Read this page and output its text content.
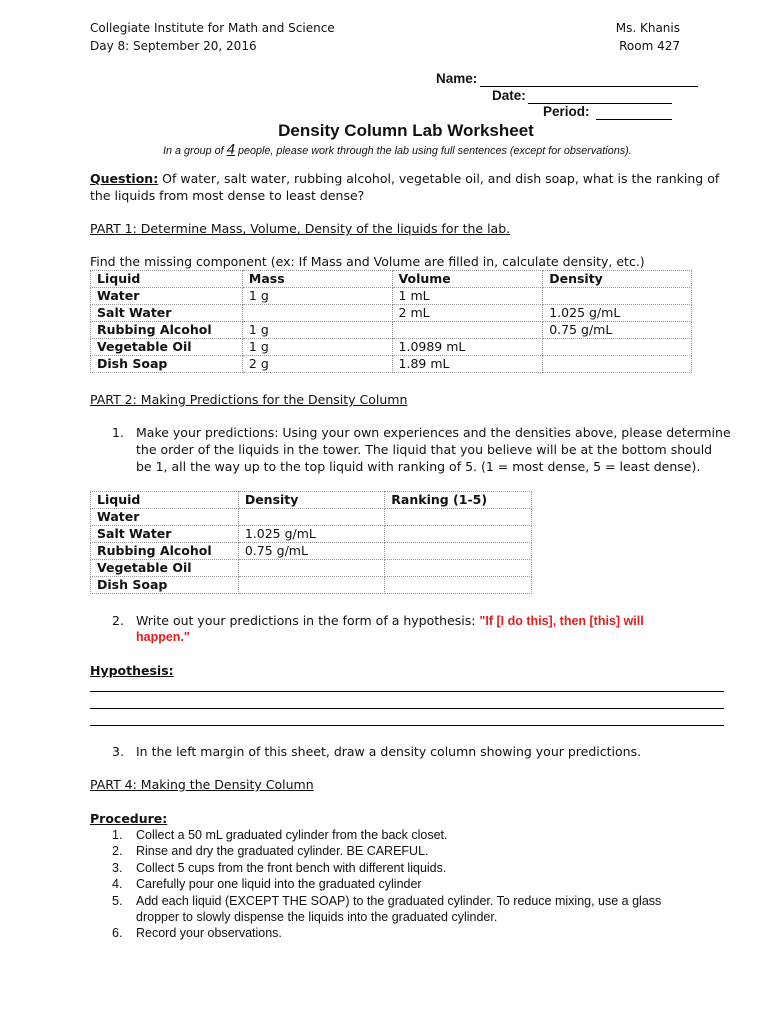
Collegiate Institute for Math and Science
Day 8: September 20, 2016
Ms. Khanis
Room 427
Name:
Date:
Period:
Density Column Lab Worksheet
In a group of 4 people, please work through the lab using full sentences (except for observations).
Question: Of water, salt water, rubbing alcohol, vegetable oil, and dish soap, what is the ranking of
the liquids from most dense to least dense?
PART 1: Determine Mass, Volume, Density of the liquids for the lab.
Find the missing component (ex: If Mass and Volume are filled in, calculate density, etc.)
Liquid	Mass	Volume	Density
Water	1 g	1 mL	
Salt Water		2 mL	1.025 g/mL
Rubbing Alcohol	1 g		0.75 g/mL
Vegetable Oil	1 g	1.0989 mL	
Dish Soap	2 g	1.89 mL	
PART 2: Making Predictions for the Density Column
1. Make your predictions: Using your own experiences and the densities above, please determine
the order of the liquids in the tower. The liquid that you believe will be at the bottom should
be 1, all the way up to the top liquid with ranking of 5. (1 = most dense, 5 = least dense).
Liquid	Density	Ranking (1-5)
Water		
Salt Water	1.025 g/mL	
Rubbing Alcohol	0.75 g/mL	
Vegetable Oil		
Dish Soap		
2. Write out your predictions in the form of a hypothesis: "If [I do this], then [this] will
happen."
Hypothesis:
3. In the left margin of this sheet, draw a density column showing your predictions.
PART 4: Making the Density Column
Procedure:
1. Collect a 50 mL graduated cylinder from the back closet.
2. Rinse and dry the graduated cylinder. BE CAREFUL.
3. Collect 5 cups from the front bench with different liquids.
4. Carefully pour one liquid into the graduated cylinder
5. Add each liquid (EXCEPT THE SOAP) to the graduated cylinder. To reduce mixing, use a glass
dropper to slowly dispense the liquids into the graduated cylinder.
6. Record your observations.
